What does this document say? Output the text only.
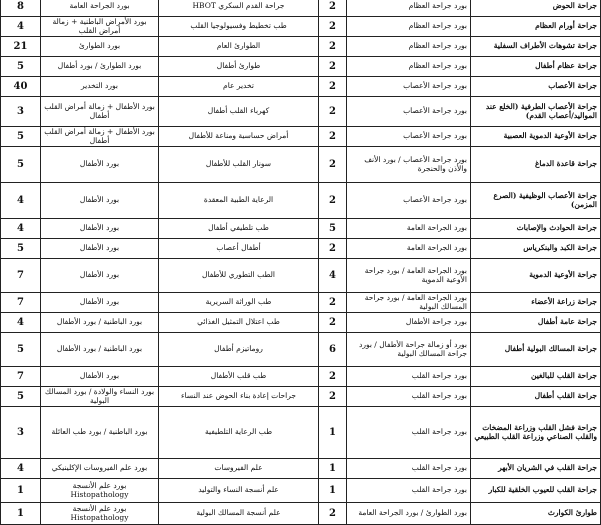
8	بورد الجراحة العامة	جراحة القدم السكري HBOT	2	بورد جراحة العظام	جراحة الحوض
4	بورد الأمراض الباطنية + زمالة أمراض القلب	طب تخطيط وفسيولوجيا القلب	2	بورد جراحة العظام	جراحة أورام العظام
21	بورد الطوارئ	الطوارئ العام	2	بورد جراحة العظام	جراحة تشوهات الأطراف السفلية
5	بورد الطوارئ / بورد أطفال	طوارئ أطفال	2	بورد جراحة العظام	جراحة عظام أطفال
40	بورد التخدير	تخدير عام	2	بورد جراحة الأعصاب	جراحة الأعصاب
3	بورد الأطفال + زمالة أمراض القلب أطفال	كهرباء القلب أطفال	2	بورد جراحة الأعصاب	جراحة الأعصاب الطرفية (الخلع عند المواليد/أعصاب القدم)
5	بورد الأطفال + زمالة أمراض القلب أطفال	أمراض حساسية ومناعة للأطفال	2	بورد جراحة الأعصاب	جراحة الأوعية الدموية العصبية
5	بورد الأطفال	سونار القلب للأطفال	2	بورد جراحة الأعصاب / بورد الأنف والأذن والحنجرة	جراحة قاعدة الدماغ
4	بورد الأطفال	الرعاية الطبية المعقدة	2	بورد جراحة الأعصاب	جراحة الأعصاب الوظيفية (الصرع المزمن)
4	بورد الأطفال	طب تلطيفي أطفال	5	بورد الجراحة العامة	جراحة الحوادث والإصابات
5	بورد الأطفال	أطفال أعصاب	2	بورد الجراحة العامة	جراحة الكبد والبنكرياس
7	بورد الأطفال	الطب التطوري للأطفال	4	بورد الجراحة العامة / بورد جراحة الأوعية الدموية	جراحة الأوعية الدموية
7	بورد الأطفال	طب الوراثة السريرية	2	بورد الجراحة العامة / بورد جراحة المسالك البولية	جراحة زراعة الأعضاء
4	بورد الباطنية / بورد الأطفال	طب اعتلال التمثيل الغذائي	2	بورد جراحة الأطفال	جراحة عامة أطفال
5	بورد الباطنية / بورد الأطفال	روماتيزم أطفال	6	بورد أو زمالة جراحة الأطفال / بورد جراحة المسالك البولية	جراحة المسالك البولية أطفال
7	بورد الأطفال	طب قلب الأطفال	2	بورد جراحة القلب	جراحة القلب للبالغين
5	بورد النساء والولادة / بورد المسالك البولية	جراحات إعادة بناء الحوض عند النساء	2	بورد جراحة القلب	جراحة القلب أطفال
3	بورد الباطنية / بورد طب العائلة	طب الرعاية التلطيفية	1	بورد جراحة القلب	جراحة فشل القلب وزراعة المضخات والقلب الصناعي وزراعة القلب الطبيعي
4	بورد علم الفيروسات الإكلينيكي	علم الفيروسات	1	بورد جراحة القلب	جراحة القلب في الشريان الأبهر
1	بورد علم الأنسجة Histopathology	علم أنسجة النساء والتوليد	1	بورد جراحة القلب	جراحة القلب للعيوب الخلقية للكبار
1	بورد علم الأنسجة Histopathology	علم أنسجة المسالك البولية	2	بورد الطوارئ / بورد الجراحة العامة	طوارئ الكوارث
